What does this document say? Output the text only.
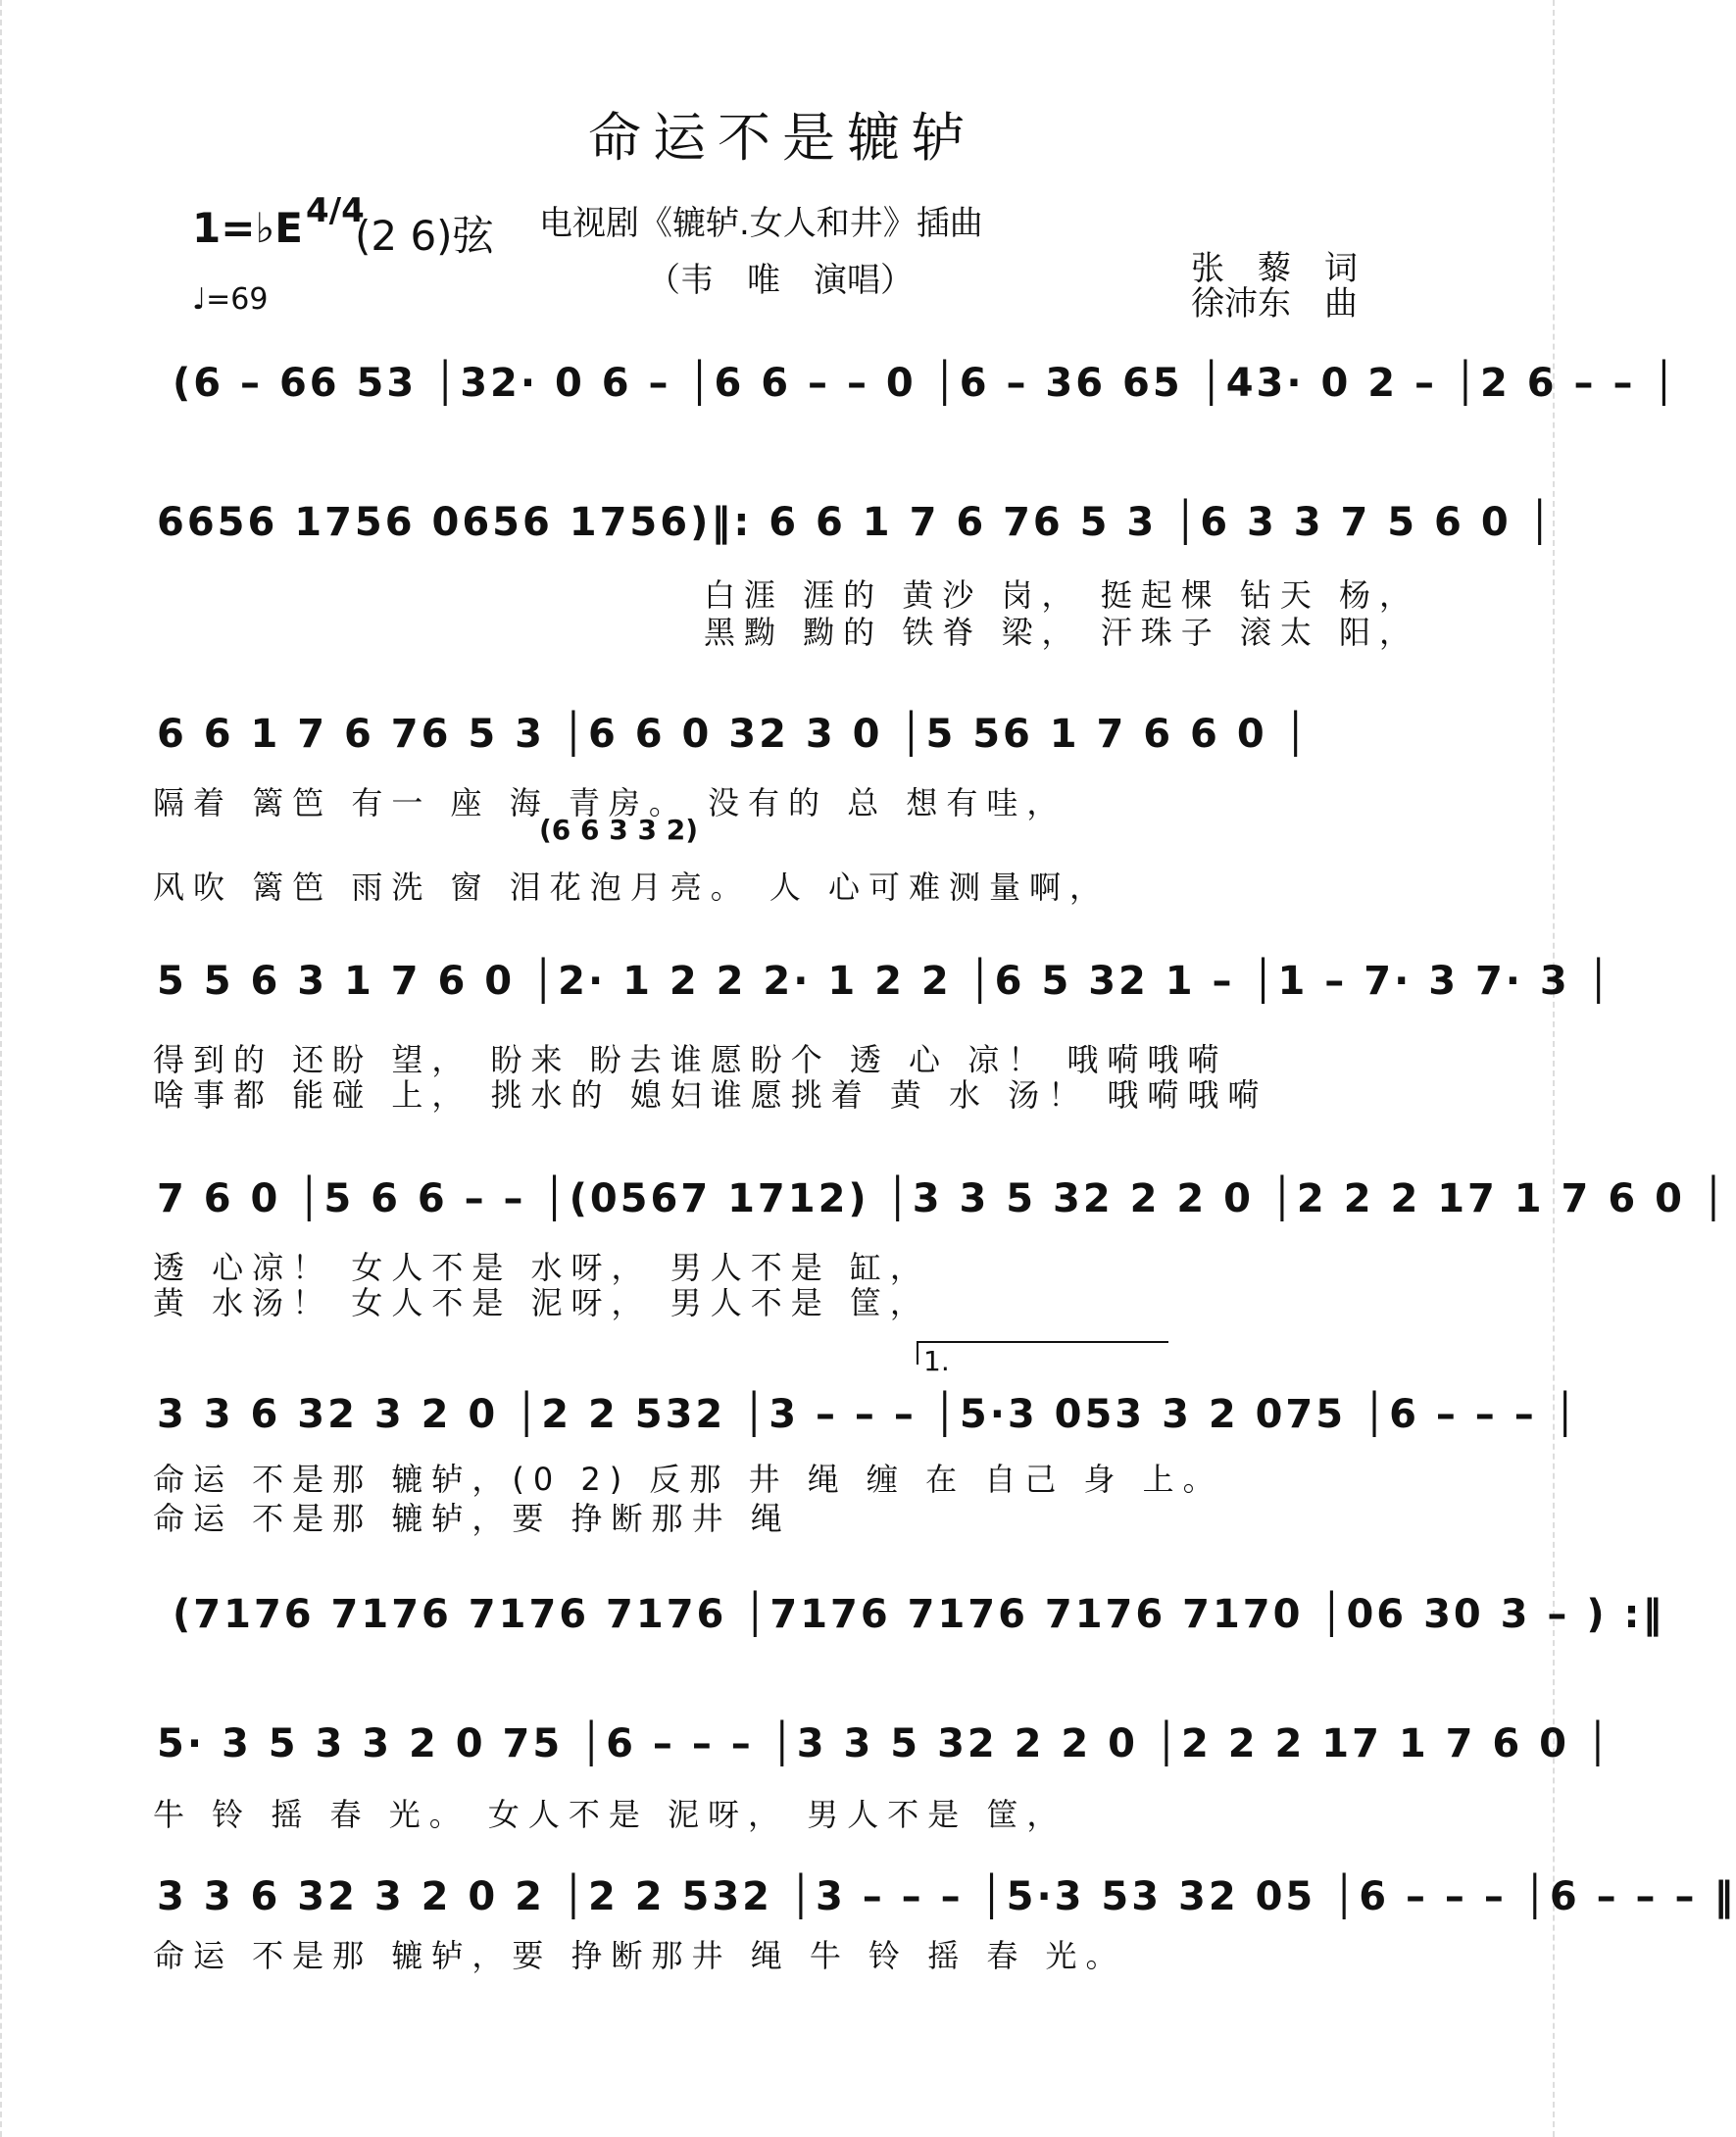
命运不是辘轳
1=♭E 4/4
(2 6)弦
♩=69
电视剧《辘轳.女人和井》插曲
（韦　唯　演唱）	张　藜　词
徐沛东　曲
(6 – 66 53 │32· 0 6 – │6 6 – – 0 │6 – 36 65 │43· 0 2 – │2 6 – – │
6656 1756 0656 1756)‖: 6 6 1 7 6 76 5 3 │6 3 3 7 5 6 0 │
白涯 涯的 黄沙 岗， 挺起棵 钻天 杨，
黑黝 黝的 铁脊 梁， 汗珠子 滚太 阳，
6 6 1 7 6 76 5 3 │6 6 0 32 3 0 │5 56 1 7 6 6 0 │
隔着 篱笆 有一 座 海 青房。 没有的 总 想有哇，
(6 6 3 3 2)
风吹 篱笆 雨洗 窗 泪花泡月亮。 人 心可难测量啊，
5 5 6 3 1 7 6 0 │2· 1 2 2 2· 1 2 2 │6 5 32 1 – │1 – 7· 3 7· 3 │
得到的 还盼 望， 盼来 盼去谁愿盼个 透 心 凉！ 哦嗬哦嗬
啥事都 能碰 上， 挑水的 媳妇谁愿挑着 黄 水 汤！ 哦嗬哦嗬
7 6 0 │5 6 6 – – │(0567 1712) │3 3 5 32 2 2 0 │2 2 2 17 1 7 6 0 │
透 心凉！ 女人不是 水呀， 男人不是 缸，
黄 水汤！ 女人不是 泥呀， 男人不是 筐，
1.
3 3 6 32 3 2 0 │2 2 532 │3 – – – │5·3 053 3 2 075 │6 – – – │
命运 不是那 辘轳，(0 2) 反那 井 绳 缠 在 自己 身 上。
命运 不是那 辘轳，要 挣断那井 绳
(7176 7176 7176 7176 │7176 7176 7176 7170 │06 30 3 – ) :‖
5· 3 5 3 3 2 0 75 │6 – – – │3 3 5 32 2 2 0 │2 2 2 17 1 7 6 0 │
牛 铃 摇 春 光。 女人不是 泥呀， 男人不是 筐，
3 3 6 32 3 2 0 2 │2 2 532 │3 – – – │5·3 53 32 05 │6 – – – │6 – – – ‖
命运 不是那 辘轳，要 挣断那井 绳 牛 铃 摇 春 光。
